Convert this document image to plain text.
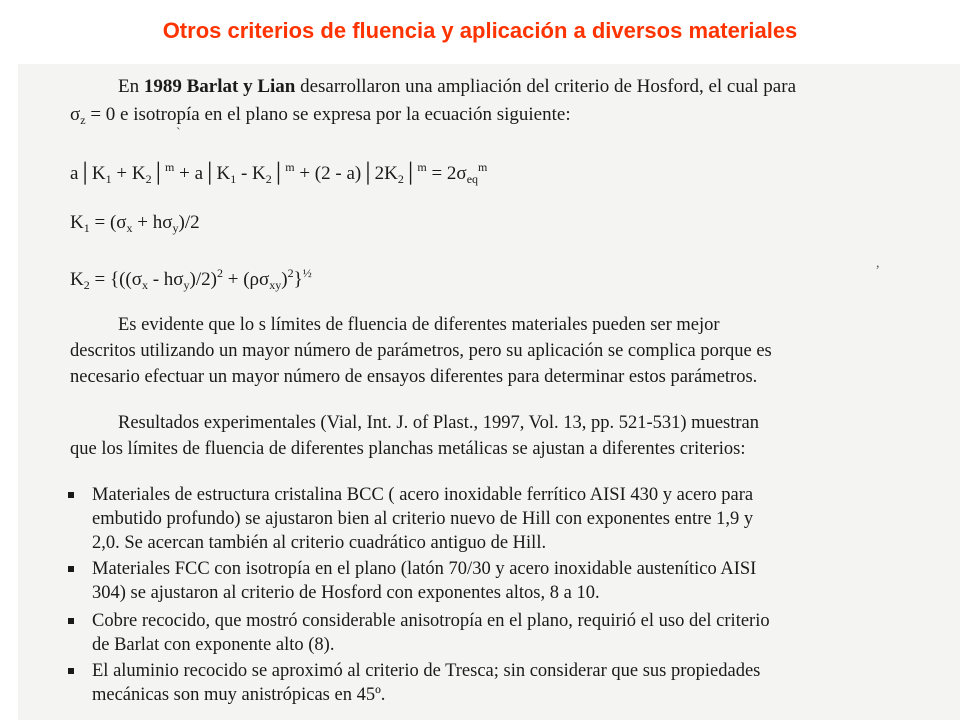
Otros criterios de fluencia y aplicación a diversos materiales
En 1989 Barlat y Lian desarrollaron una ampliación del criterio de Hosford, el cual para
$\sigma_z = 0$ e isotropía en el plano se expresa por la ecuación siguiente:
`
$a│K_1$ + $K_2│^m$ + $a│K_1$ - $K_2│^m + (2$ - $a)│2K_2│^m = 2\sigma_{eq}^m$
$K_1 = (\sigma_x + h\sigma_y)/2$
$K_2 = \{((\sigma_x - h\sigma_y)/2)^2 + (\rho\sigma_{xy})^2\}^{\frac{1}{2}}$
,
Es evidente que lo s límites de fluencia de diferentes materiales pueden ser mejor
descritos utilizando un mayor número de parámetros, pero su aplicación se complica porque es
necesario efectuar un mayor número de ensayos diferentes para determinar estos parámetros.
Resultados experimentales (Vial, Int. J. of Plast., 1997, Vol. 13, pp. 521-531) muestran
que los límites de fluencia de diferentes planchas metálicas se ajustan a diferentes criterios:
Materiales de estructura cristalina BCC ( acero inoxidable ferrítico AISI 430 y acero para
embutido profundo) se ajustaron bien al criterio nuevo de Hill con exponentes entre 1,9 y
2,0. Se acercan también al criterio cuadrático antiguo de Hill.
Materiales FCC con isotropía en el plano (latón 70/30 y acero inoxidable austenítico AISI
304) se ajustaron al criterio de Hosford con exponentes altos, 8 a 10.
Cobre recocido, que mostró considerable anisotropía en el plano, requirió el uso del criterio
de Barlat con exponente alto (8).
El aluminio recocido se aproximó al criterio de Tresca; sin considerar que sus propiedades
mecánicas son muy anistrópicas en 45º.
